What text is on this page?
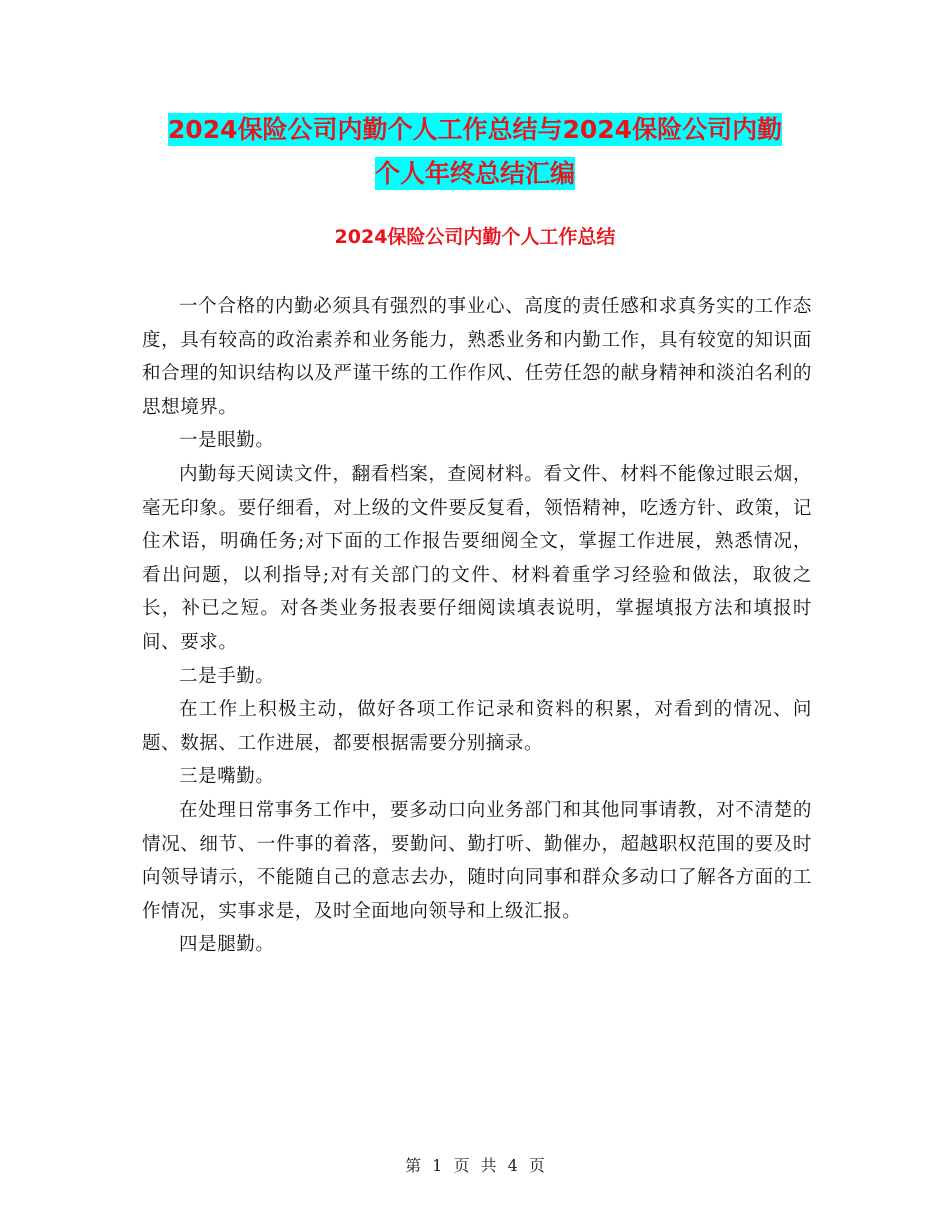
2024保险公司内勤个人工作总结与2024保险公司内勤
个人年终总结汇编
2024保险公司内勤个人工作总结

一个合格的内勤必须具有强烈的事业心、高度的责任感和求真务实的工作态度，具有较高的政治素养和业务能力，熟悉业务和内勤工作，具有较宽的知识面和合理的知识结构以及严谨干练的工作作风、任劳任怨的献身精神和淡泊名利的思想境界。

一是眼勤。

内勤每天阅读文件，翻看档案，查阅材料。看文件、材料不能像过眼云烟，毫无印象。要仔细看，对上级的文件要反复看，领悟精神，吃透方针、政策，记住术语，明确任务;对下面的工作报告要细阅全文，掌握工作进展，熟悉情况，看出问题，以利指导;对有关部门的文件、材料着重学习经验和做法，取彼之长，补已之短。对各类业务报表要仔细阅读填表说明，掌握填报方法和填报时间、要求。

二是手勤。

在工作上积极主动，做好各项工作记录和资料的积累，对看到的情况、问题、数据、工作进展，都要根据需要分别摘录。

三是嘴勤。

在处理日常事务工作中，要多动口向业务部门和其他同事请教，对不清楚的情况、细节、一件事的着落，要勤问、勤打听、勤催办，超越职权范围的要及时向领导请示，不能随自己的意志去办，随时向同事和群众多动口了解各方面的工作情况，实事求是，及时全面地向领导和上级汇报。

四是腿勤。

第 1 页 共 4 页
